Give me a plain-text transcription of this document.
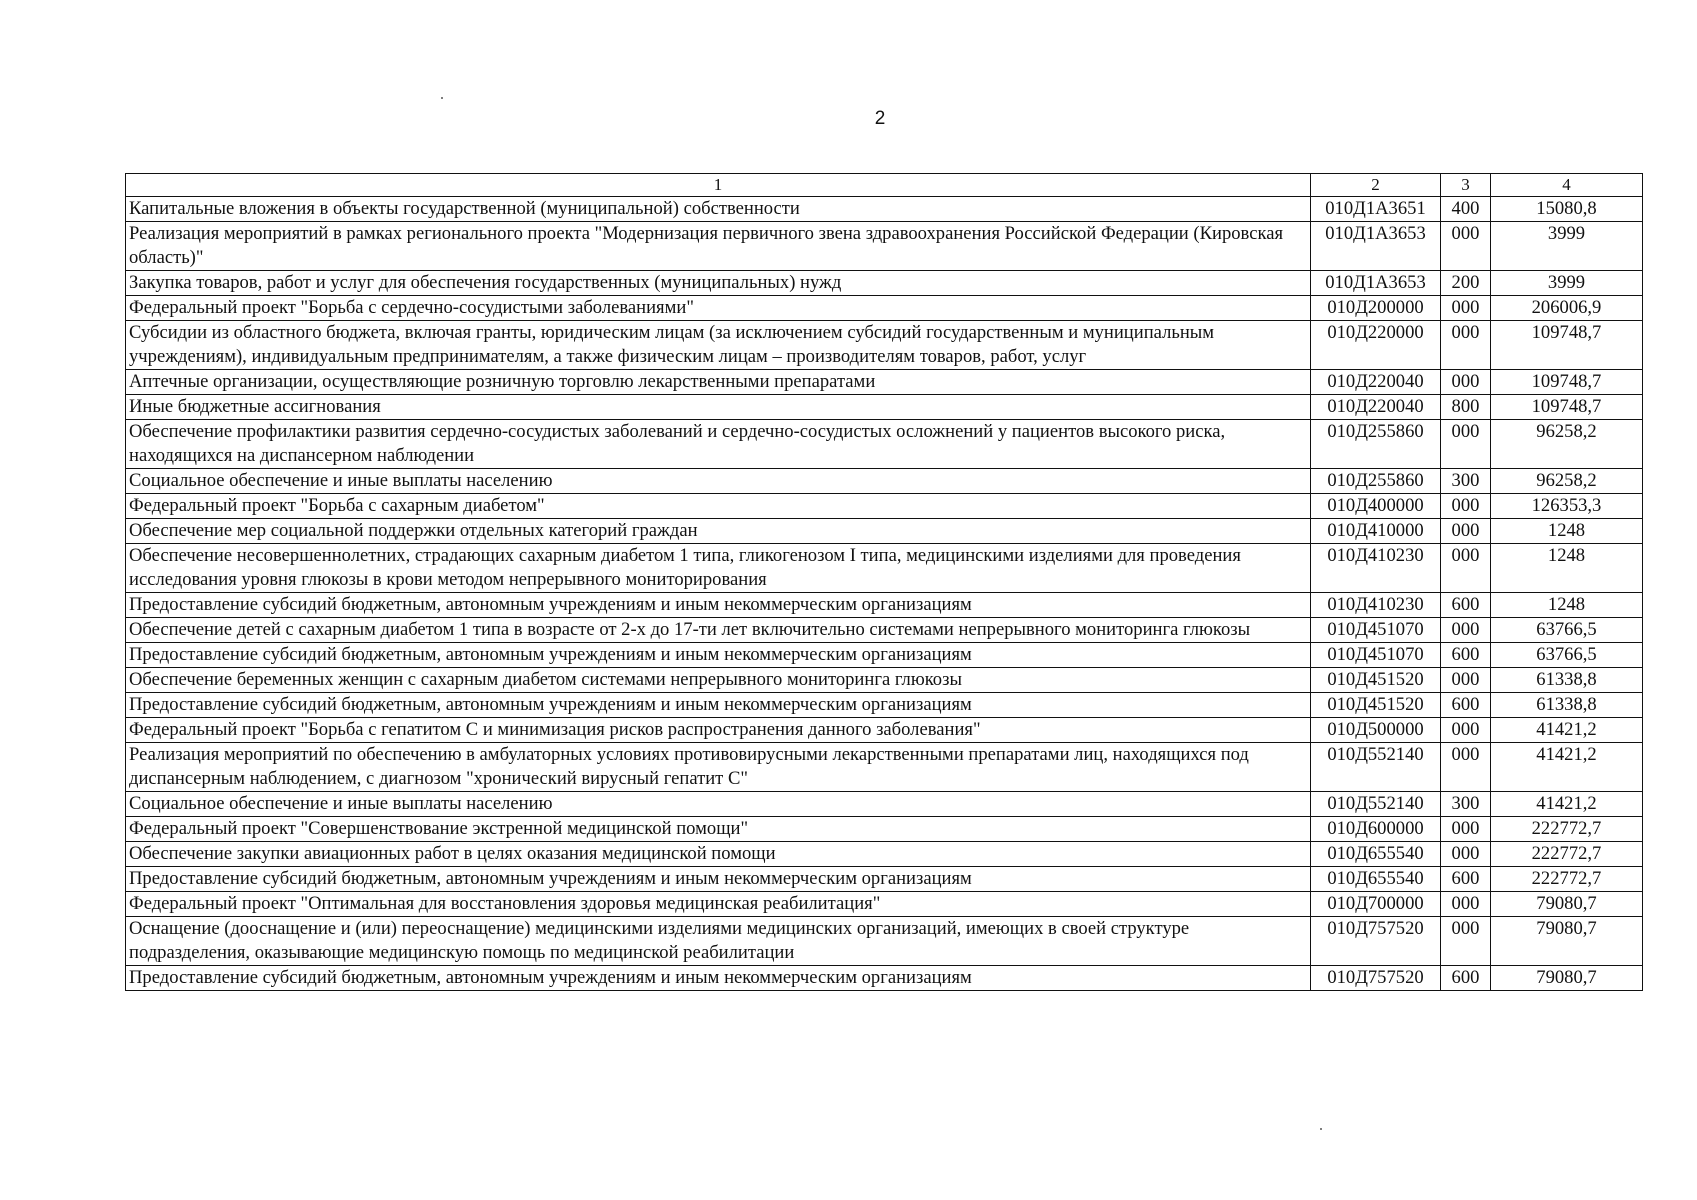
2
1	2	3	4
Капитальные вложения в объекты государственной (муниципальной) собственности	010Д1А3651	400	15080,8
Реализация мероприятий в рамках регионального проекта "Модернизация первичного звена здравоохранения Российской Федерации (Кировская область)"	010Д1А3653	000	3999
Закупка товаров, работ и услуг для обеспечения государственных (муниципальных) нужд	010Д1А3653	200	3999
Федеральный проект "Борьба с сердечно-сосудистыми заболеваниями"	010Д200000	000	206006,9
Субсидии из областного бюджета, включая гранты, юридическим лицам (за исключением субсидий государственным и муниципальным учреждениям), индивидуальным предпринимателям, а также физическим лицам – производителям товаров, работ, услуг	010Д220000	000	109748,7
Аптечные организации, осуществляющие розничную торговлю лекарственными препаратами	010Д220040	000	109748,7
Иные бюджетные ассигнования	010Д220040	800	109748,7
Обеспечение профилактики развития сердечно-сосудистых заболеваний и сердечно-сосудистых осложнений у пациентов высокого риска, находящихся на диспансерном наблюдении	010Д255860	000	96258,2
Социальное обеспечение и иные выплаты населению	010Д255860	300	96258,2
Федеральный проект "Борьба с сахарным диабетом"	010Д400000	000	126353,3
Обеспечение мер социальной поддержки отдельных категорий граждан	010Д410000	000	1248
Обеспечение несовершеннолетних, страдающих сахарным диабетом 1 типа, гликогенозом I типа, медицинскими изделиями для проведения исследования уровня глюкозы в крови методом непрерывного мониторирования	010Д410230	000	1248
Предоставление субсидий бюджетным, автономным учреждениям и иным некоммерческим организациям	010Д410230	600	1248
Обеспечение детей с сахарным диабетом 1 типа в возрасте от 2-х до 17-ти лет включительно системами непрерывного мониторинга глюкозы	010Д451070	000	63766,5
Предоставление субсидий бюджетным, автономным учреждениям и иным некоммерческим организациям	010Д451070	600	63766,5
Обеспечение беременных женщин с сахарным диабетом системами непрерывного мониторинга глюкозы	010Д451520	000	61338,8
Предоставление субсидий бюджетным, автономным учреждениям и иным некоммерческим организациям	010Д451520	600	61338,8
Федеральный проект "Борьба с гепатитом С и минимизация рисков распространения данного заболевания"	010Д500000	000	41421,2
Реализация мероприятий по обеспечению в амбулаторных условиях противовирусными лекарственными препаратами лиц, находящихся под диспансерным наблюдением, с диагнозом "хронический вирусный гепатит С"	010Д552140	000	41421,2
Социальное обеспечение и иные выплаты населению	010Д552140	300	41421,2
Федеральный проект "Совершенствование экстренной медицинской помощи"	010Д600000	000	222772,7
Обеспечение закупки авиационных работ в целях оказания медицинской помощи	010Д655540	000	222772,7
Предоставление субсидий бюджетным, автономным учреждениям и иным некоммерческим организациям	010Д655540	600	222772,7
Федеральный проект "Оптимальная для восстановления здоровья медицинская реабилитация"	010Д700000	000	79080,7
Оснащение (дооснащение и (или) переоснащение) медицинскими изделиями медицинских организаций, имеющих в своей структуре подразделения, оказывающие медицинскую помощь по медицинской реабилитации	010Д757520	000	79080,7
Предоставление субсидий бюджетным, автономным учреждениям и иным некоммерческим организациям	010Д757520	600	79080,7
